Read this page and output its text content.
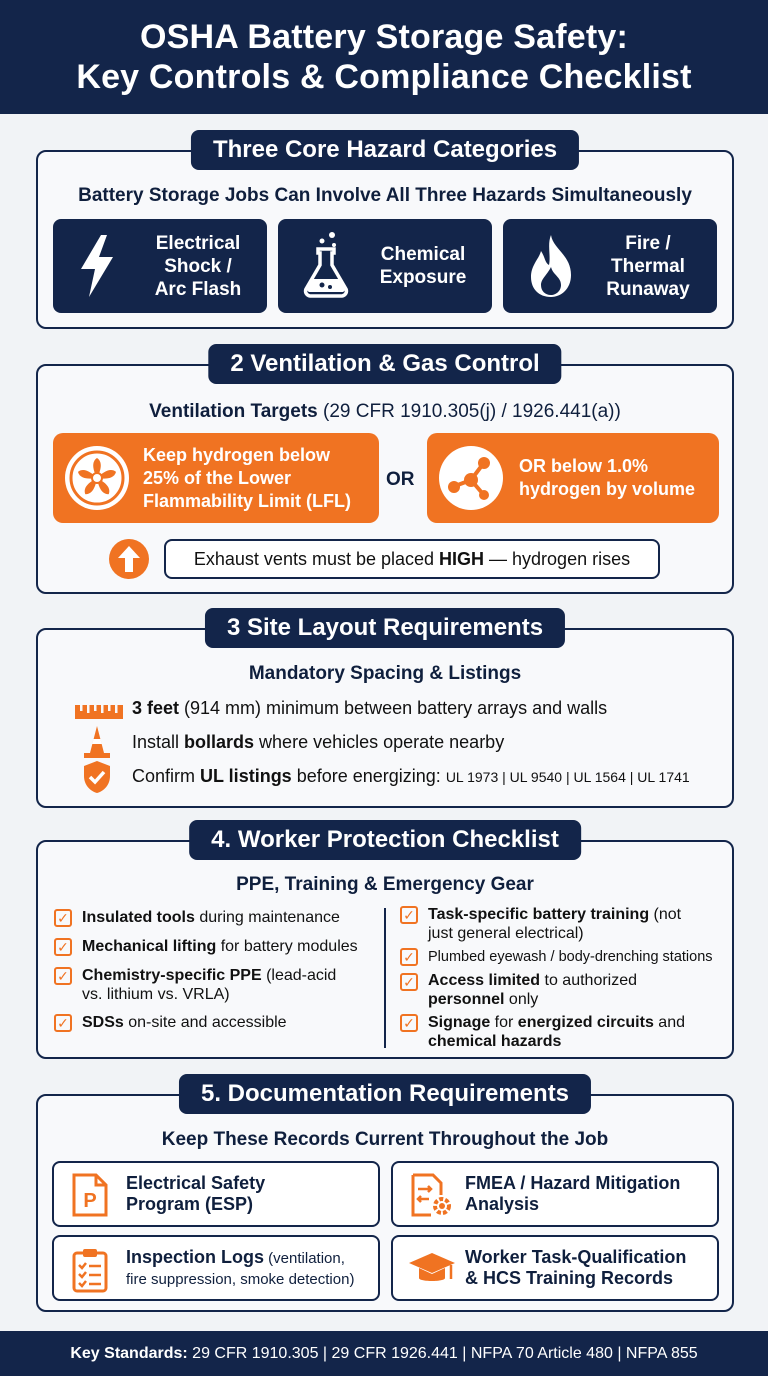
OSHA Battery Storage Safety:
Key Controls & Compliance Checklist
Three Core Hazard Categories
Battery Storage Jobs Can Involve All Three Hazards Simultaneously
Electrical
Shock /
Arc Flash
Chemical
Exposure
Fire /
Thermal
Runaway
2 Ventilation & Gas Control
Ventilation Targets (29 CFR 1910.305(j) / 1926.441(a))
Keep hydrogen below
25% of the Lower
Flammability Limit (LFL)
OR
OR below 1.0%
hydrogen by volume
Exhaust vents must be placed HIGH — hydrogen rises
3 Site Layout Requirements
Mandatory Spacing & Listings
3 feet (914 mm) minimum between battery arrays and walls
Install bollards where vehicles operate nearby
Confirm UL listings before energizing: UL 1973 | UL 9540 | UL 1564 | UL 1741
4. Worker Protection Checklist
PPE, Training & Emergency Gear
✓ Insulated tools during maintenance
✓ Mechanical lifting for battery modules
✓ Chemistry-specific PPE (lead-acid
vs. lithium vs. VRLA)
✓ SDSs on-site and accessible
✓ Task-specific battery training (not
just general electrical)
✓ Plumbed eyewash / body-drenching stations
✓ Access limited to authorized
personnel only
✓ Signage for energized circuits and
chemical hazards
5. Documentation Requirements
Keep These Records Current Throughout the Job
P
Electrical Safety
Program (ESP)
FMEA / Hazard Mitigation
Analysis
Inspection Logs (ventilation,
fire suppression, smoke detection)
Worker Task-Qualification
& HCS Training Records
Key Standards: 29 CFR 1910.305 | 29 CFR 1926.441 | NFPA 70 Article 480 | NFPA 855
